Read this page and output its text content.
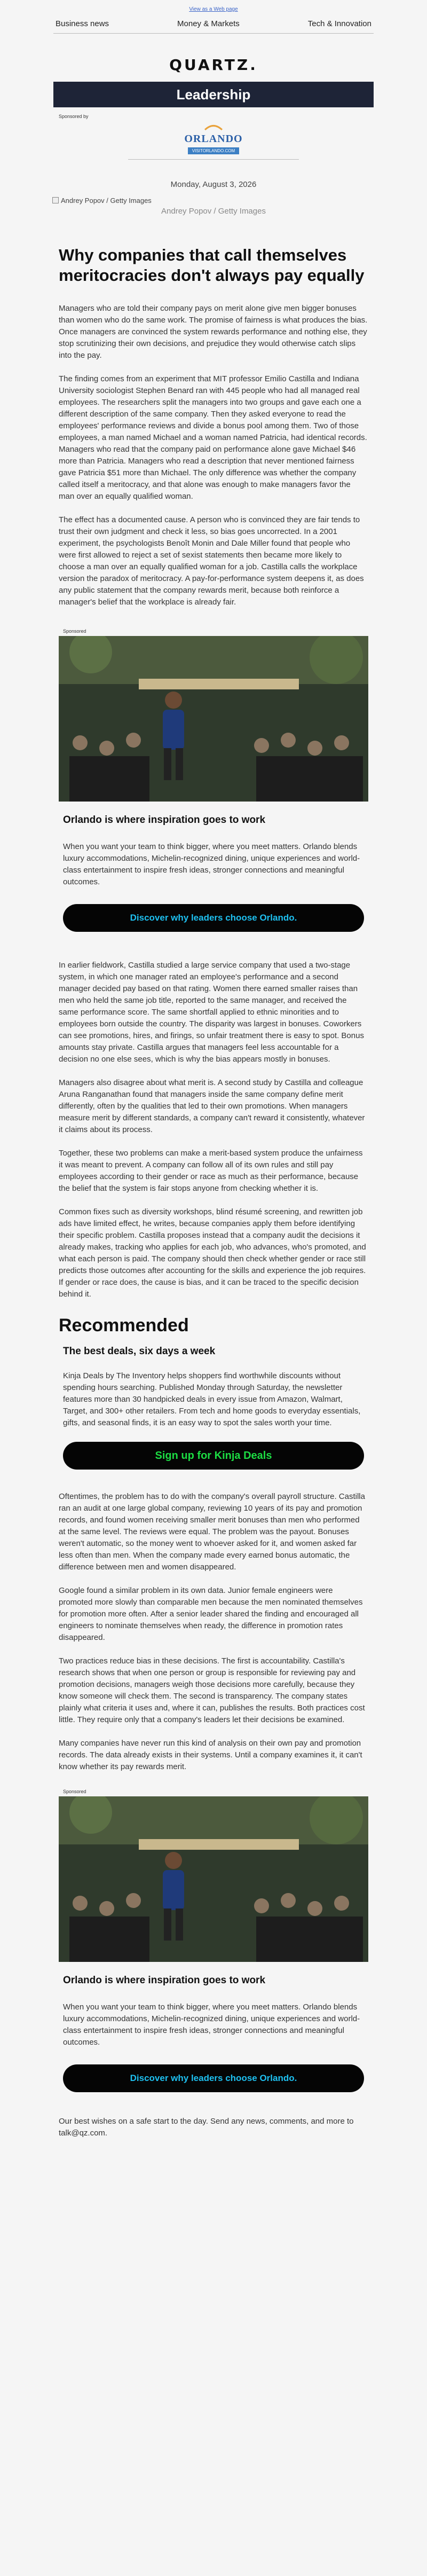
View as a Web page
Business news	Money & Markets	Tech & Innovation
QUARTZ.
Leadership
Sponsored by
ORLANDO
VISITORLANDO.COM
Monday, August 3, 2026
Andrey Popov / Getty Images
Andrey Popov / Getty Images
Why companies that call themselves meritocracies don't always pay equally

Managers who are told their company pays on merit alone give men bigger bonuses than women who do the same work. The promise of fairness is what produces the bias. Once managers are convinced the system rewards performance and nothing else, they stop scrutinizing their own decisions, and prejudice they would otherwise catch slips into the pay.

The finding comes from an experiment that MIT professor Emilio Castilla and Indiana University sociologist Stephen Benard ran with 445 people who had all managed real employees. The researchers split the managers into two groups and gave each one a different description of the same company. Then they asked everyone to read the employees' performance reviews and divide a bonus pool among them. Two of those employees, a man named Michael and a woman named Patricia, had identical records. Managers who read that the company paid on performance alone gave Michael $46 more than Patricia. Managers who read a description that never mentioned fairness gave Patricia $51 more than Michael. The only difference was whether the company called itself a meritocracy, and that alone was enough to make managers favor the man over an equally qualified woman.

The effect has a documented cause. A person who is convinced they are fair tends to trust their own judgment and check it less, so bias goes uncorrected. In a 2001 experiment, the psychologists Benoît Monin and Dale Miller found that people who were first allowed to reject a set of sexist statements then became more likely to choose a man over an equally qualified woman for a job. Castilla calls the workplace version the paradox of meritocracy. A pay-for-performance system deepens it, as does any public statement that the company rewards merit, because both reinforce a manager's belief that the workplace is already fair.

Sponsored
Orlando is where inspiration goes to work
When you want your team to think bigger, where you meet matters. Orlando blends luxury accommodations, Michelin-recognized dining, unique experiences and world-class entertainment to inspire fresh ideas, stronger connections and meaningful outcomes.
Discover why leaders choose Orlando.

In earlier fieldwork, Castilla studied a large service company that used a two-stage system, in which one manager rated an employee's performance and a second manager decided pay based on that rating. Women there earned smaller raises than men who held the same job title, reported to the same manager, and received the same performance score. The same shortfall applied to ethnic minorities and to employees born outside the country. The disparity was largest in bonuses. Coworkers can see promotions, hires, and firings, so unfair treatment there is easy to spot. Bonus amounts stay private. Castilla argues that managers feel less accountable for a decision no one else sees, which is why the bias appears mostly in bonuses.

Managers also disagree about what merit is. A second study by Castilla and colleague Aruna Ranganathan found that managers inside the same company define merit differently, often by the qualities that led to their own promotions. When managers measure merit by different standards, a company can't reward it consistently, whatever it claims about its process.

Together, these two problems can make a merit-based system produce the unfairness it was meant to prevent. A company can follow all of its own rules and still pay employees according to their gender or race as much as their performance, because the belief that the system is fair stops anyone from checking whether it is.

Common fixes such as diversity workshops, blind résumé screening, and rewritten job ads have limited effect, he writes, because companies apply them before identifying their specific problem. Castilla proposes instead that a company audit the decisions it already makes, tracking who applies for each job, who advances, who's promoted, and what each person is paid. The company should then check whether gender or race still predicts those outcomes after accounting for the skills and experience the job requires. If gender or race does, the cause is bias, and it can be traced to the specific decision behind it.

Recommended
The best deals, six days a week
Kinja Deals by The Inventory helps shoppers find worthwhile discounts without spending hours searching. Published Monday through Saturday, the newsletter features more than 30 handpicked deals in every issue from Amazon, Walmart, Target, and 300+ other retailers. From tech and home goods to everyday essentials, gifts, and seasonal finds, it is an easy way to spot the sales worth your time.
Sign up for Kinja Deals

Oftentimes, the problem has to do with the company's overall payroll structure. Castilla ran an audit at one large global company, reviewing 10 years of its pay and promotion records, and found women receiving smaller merit bonuses than men who performed at the same level. The reviews were equal. The problem was the payout. Bonuses weren't automatic, so the money went to whoever asked for it, and women asked far less often than men. When the company made every earned bonus automatic, the difference between men and women disappeared.

Google found a similar problem in its own data. Junior female engineers were promoted more slowly than comparable men because the men nominated themselves for promotion more often. After a senior leader shared the finding and encouraged all engineers to nominate themselves when ready, the difference in promotion rates disappeared.

Two practices reduce bias in these decisions. The first is accountability. Castilla's research shows that when one person or group is responsible for reviewing pay and promotion decisions, managers weigh those decisions more carefully, because they know someone will check them. The second is transparency. The company states plainly what criteria it uses and, where it can, publishes the results. Both practices cost little. They require only that a company's leaders let their decisions be examined.

Many companies have never run this kind of analysis on their own pay and promotion records. The data already exists in their systems. Until a company examines it, it can't know whether its pay rewards merit.

Sponsored
Orlando is where inspiration goes to work
When you want your team to think bigger, where you meet matters. Orlando blends luxury accommodations, Michelin-recognized dining, unique experiences and world-class entertainment to inspire fresh ideas, stronger connections and meaningful outcomes.
Discover why leaders choose Orlando.

Our best wishes on a safe start to the day. Send any news, comments, and more to talk@qz.com.
